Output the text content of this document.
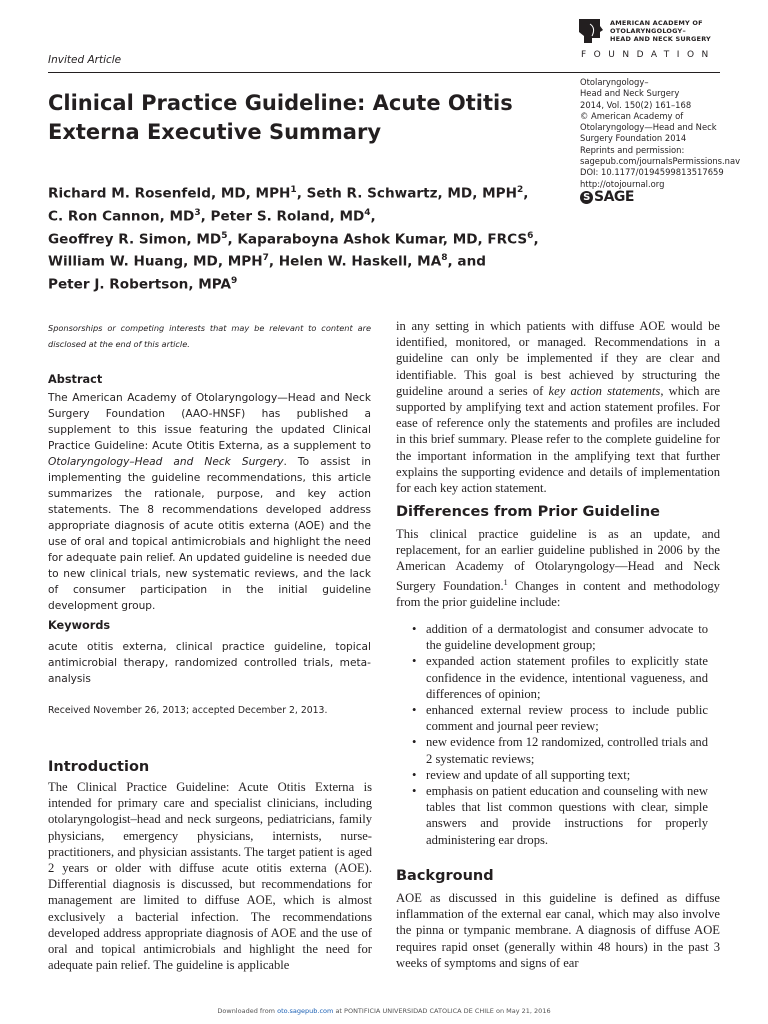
Invited Article
AMERICAN ACADEMY OF
OTOLARYNGOLOGY–
HEAD AND NECK SURGERY
FOUNDATION
Otolaryngology–
Head and Neck Surgery
2014, Vol. 150(2) 161–168
© American Academy of
Otolaryngology—Head and Neck
Surgery Foundation 2014
Reprints and permission:
sagepub.com/journalsPermissions.nav
DOI: 10.1177/0194599813517659
http://otojournal.org
S SAGE
Clinical Practice Guideline: Acute Otitis
Externa Executive Summary
Richard M. Rosenfeld, MD, MPH$^1$, Seth R. Schwartz, MD, MPH$^2$,
C. Ron Cannon, $MD^3$, Peter S. Roland, $MD^4$,
Geoffrey R. Simon, $MD^5$, Kaparaboyna Ashok Kumar, MD, FRCS$^6$,
William W. Huang, MD, MPH$^7$, Helen W. Haskell, $MA^8$, and
Peter J. Robertson, MPA$^9$
Sponsorships or competing interests that may be relevant to content are disclosed at the end of this article.
Abstract
The American Academy of Otolaryngology—Head and Neck Surgery Foundation (AAO-HNSF) has published a supplement to this issue featuring the updated Clinical Practice Guideline: Acute Otitis Externa, as a supplement to Otolaryngology–Head and Neck Surgery. To assist in implementing the guideline recommendations, this article summarizes the rationale, purpose, and key action statements. The 8 recommendations developed address appropriate diagnosis of acute otitis externa (AOE) and the use of oral and topical antimicrobials and highlight the need for adequate pain relief. An updated guideline is needed due to new clinical trials, new systematic reviews, and the lack of consumer participation in the initial guideline development group.
Keywords
acute otitis externa, clinical practice guideline, topical antimicrobial therapy, randomized controlled trials, meta-analysis
Received November 26, 2013; accepted December 2, 2013.
Introduction
The Clinical Practice Guideline: Acute Otitis Externa is intended for primary care and specialist clinicians, including otolaryngologist–head and neck surgeons, pediatricians, family physicians, emergency physicians, internists, nurse-practitioners, and physician assistants. The target patient is aged 2 years or older with diffuse acute otitis externa (AOE). Differential diagnosis is discussed, but recommendations for management are limited to diffuse AOE, which is almost exclusively a bacterial infection. The recommendations developed address appropriate diagnosis of AOE and the use of oral and topical antimicrobials and highlight the need for adequate pain relief. The guideline is applicable
in any setting in which patients with diffuse AOE would be identified, monitored, or managed. Recommendations in a guideline can only be implemented if they are clear and identifiable. This goal is best achieved by structuring the guideline around a series of key action statements, which are supported by amplifying text and action statement profiles. For ease of reference only the statements and profiles are included in this brief summary. Please refer to the complete guideline for the important information in the amplifying text that further explains the supporting evidence and details of implementation for each key action statement.
Differences from Prior Guideline
This clinical practice guideline is as an update, and replacement, for an earlier guideline published in 2006 by the American Academy of Otolaryngology—Head and Neck Surgery Foundation.$^1$ Changes in content and methodology from the prior guideline include:
• addition of a dermatologist and consumer advocate to the guideline development group;
• expanded action statement profiles to explicitly state confidence in the evidence, intentional vagueness, and differences of opinion;
• enhanced external review process to include public comment and journal peer review;
• new evidence from 12 randomized, controlled trials and 2 systematic reviews;
• review and update of all supporting text;
• emphasis on patient education and counseling with new tables that list common questions with clear, simple answers and provide instructions for properly administering ear drops.
Background
AOE as discussed in this guideline is defined as diffuse inflammation of the external ear canal, which may also involve the pinna or tympanic membrane. A diagnosis of diffuse AOE requires rapid onset (generally within 48 hours) in the past 3 weeks of symptoms and signs of ear
Downloaded from oto.sagepub.com at PONTIFICIA UNIVERSIDAD CATOLICA DE CHILE on May 21, 2016
